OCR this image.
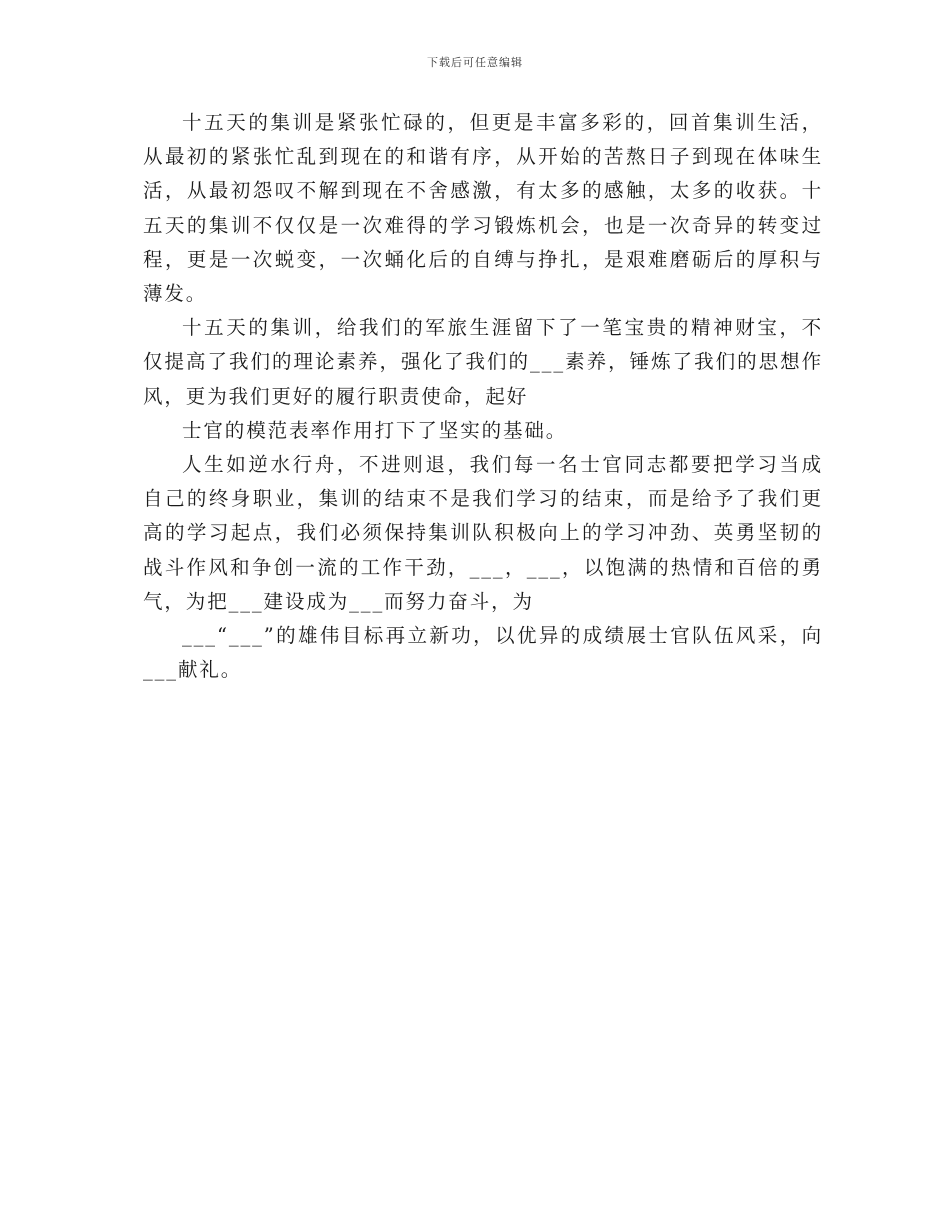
下载后可任意编辑

十五天的集训是紧张忙碌的，但更是丰富多彩的，回首集训生活，从最初的紧张忙乱到现在的和谐有序，从开始的苦熬日子到现在体味生活，从最初怨叹不解到现在不舍感激，有太多的感触，太多的收获。十五天的集训不仅仅是一次难得的学习锻炼机会，也是一次奇异的转变过程，更是一次蜕变，一次蛹化后的自缚与挣扎，是艰难磨砺后的厚积与薄发。

十五天的集训，给我们的军旅生涯留下了一笔宝贵的精神财宝，不仅提高了我们的理论素养，强化了我们的___素养，锤炼了我们的思想作风，更为我们更好的履行职责使命，起好

士官的模范表率作用打下了坚实的基础。

人生如逆水行舟，不进则退，我们每一名士官同志都要把学习当成自己的终身职业，集训的结束不是我们学习的结束，而是给予了我们更高的学习起点，我们必须保持集训队积极向上的学习冲劲、英勇坚韧的战斗作风和争创一流的工作干劲，___，___，以饱满的热情和百倍的勇气，为把___建设成为___而努力奋斗，为

___“___”的雄伟目标再立新功，以优异的成绩展士官队伍风采，向___献礼。
